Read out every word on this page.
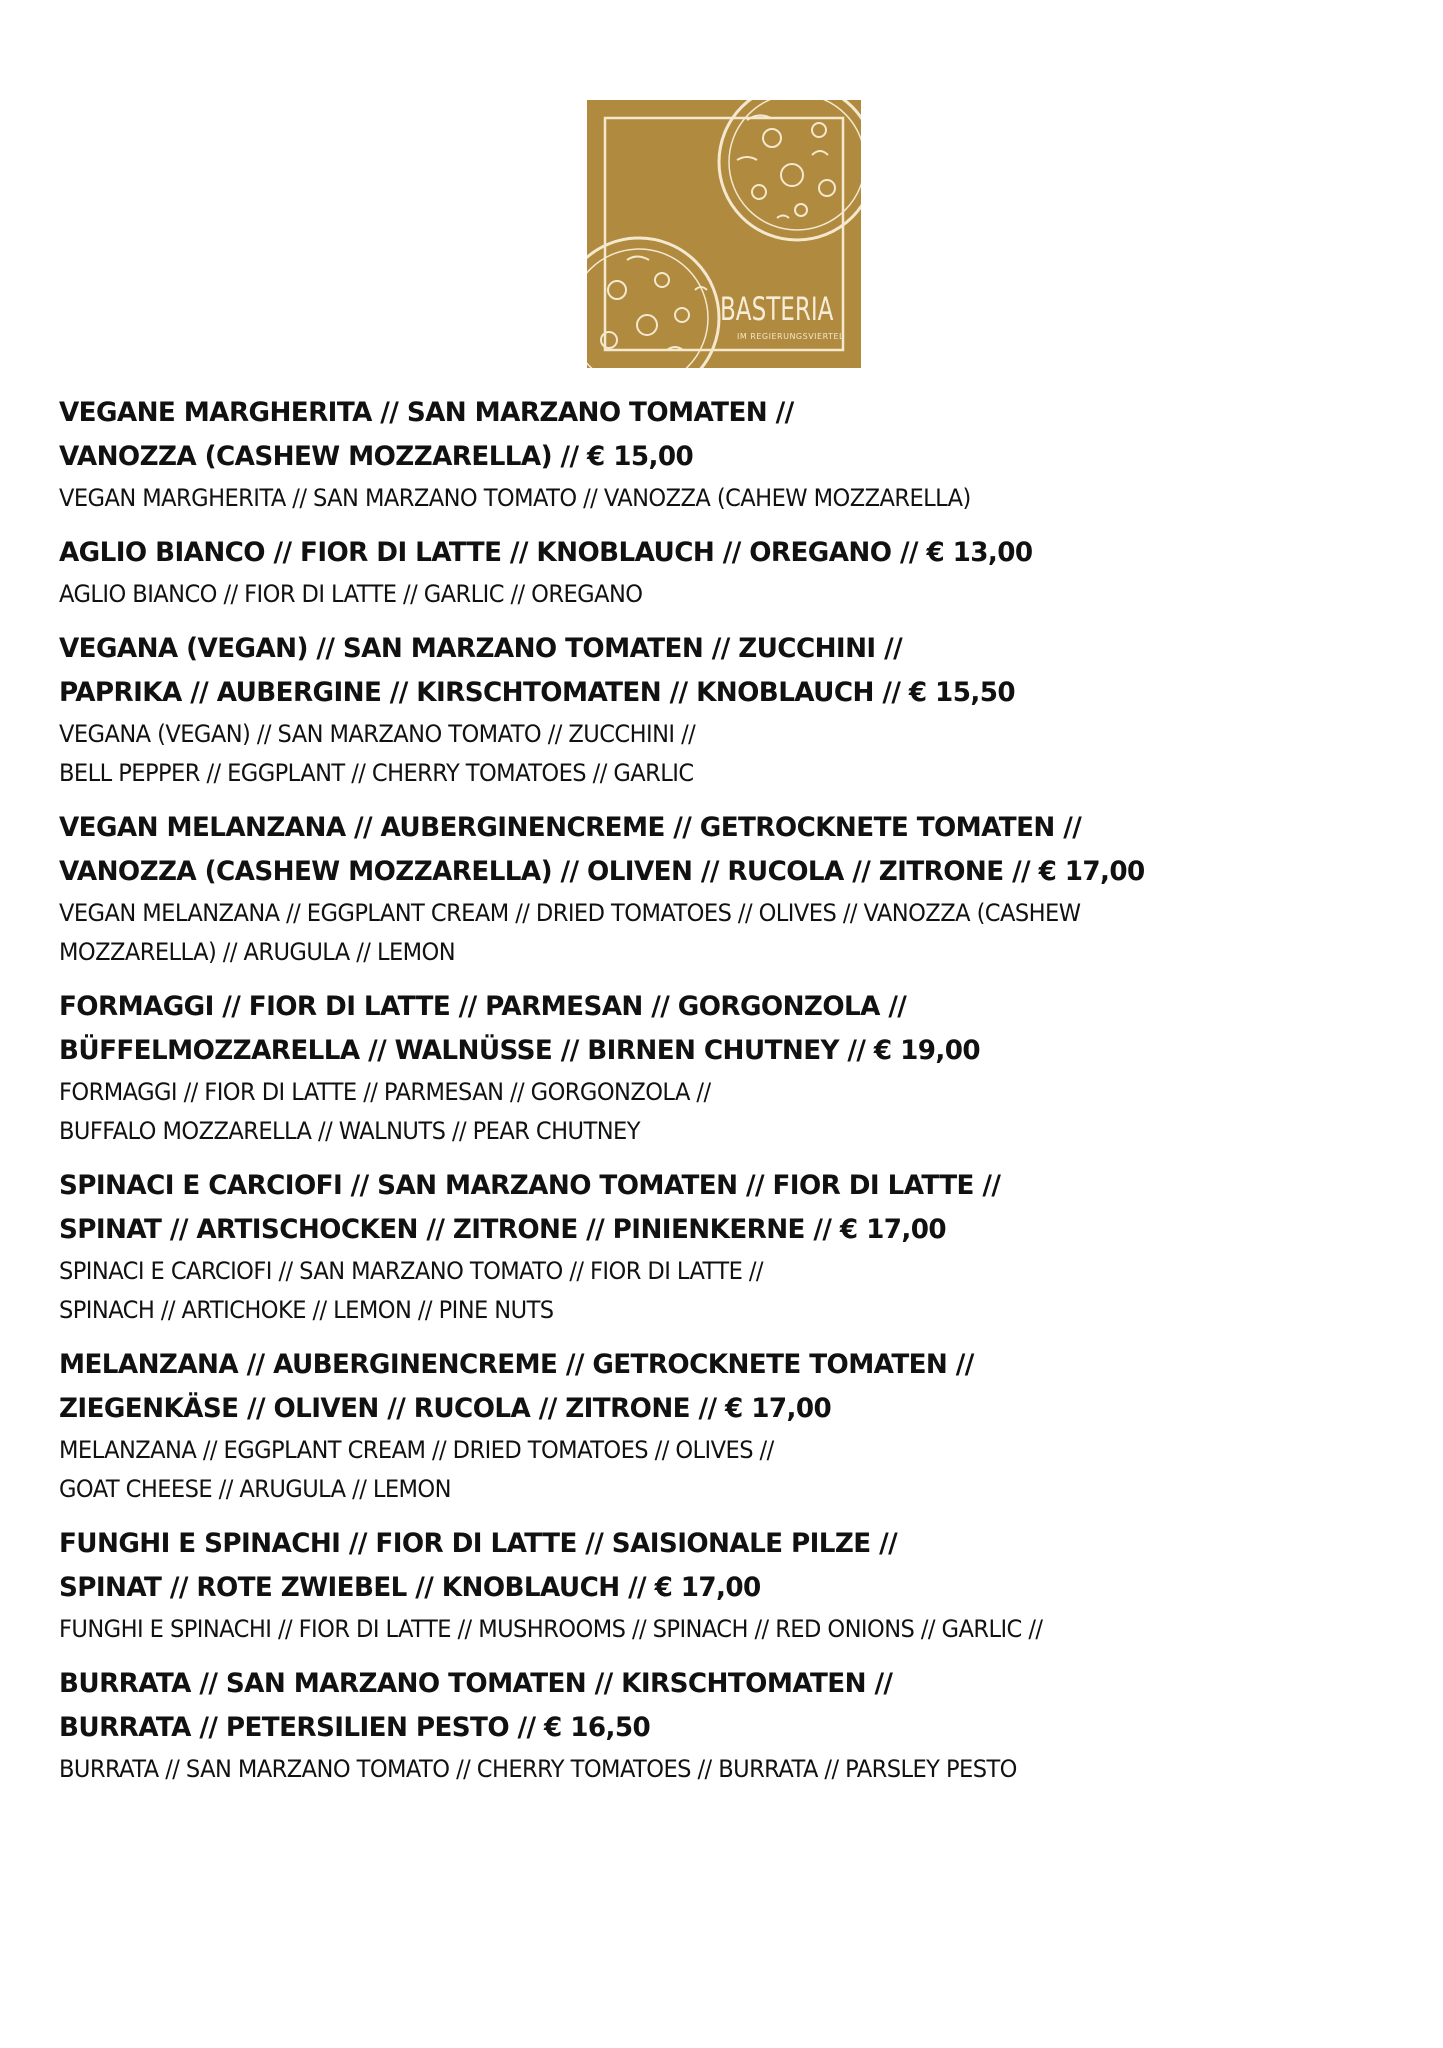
BASTERIA
IM REGIERUNGSVIERTEL
VEGANE MARGHERITA // SAN MARZANO TOMATEN //
VANOZZA (CASHEW MOZZARELLA) // € 15,00
VEGAN MARGHERITA // SAN MARZANO TOMATO // VANOZZA (CAHEW MOZZARELLA)
AGLIO BIANCO // FIOR DI LATTE // KNOBLAUCH // OREGANO // € 13,00
AGLIO BIANCO // FIOR DI LATTE // GARLIC // OREGANO
VEGANA (VEGAN) // SAN MARZANO TOMATEN // ZUCCHINI //
PAPRIKA // AUBERGINE // KIRSCHTOMATEN // KNOBLAUCH // € 15,50
VEGANA (VEGAN) // SAN MARZANO TOMATO // ZUCCHINI //
BELL PEPPER // EGGPLANT // CHERRY TOMATOES // GARLIC
VEGAN MELANZANA // AUBERGINENCREME // GETROCKNETE TOMATEN //
VANOZZA (CASHEW MOZZARELLA) // OLIVEN // RUCOLA // ZITRONE // € 17,00
VEGAN MELANZANA // EGGPLANT CREAM // DRIED TOMATOES // OLIVES // VANOZZA (CASHEW
MOZZARELLA) // ARUGULA // LEMON
FORMAGGI // FIOR DI LATTE // PARMESAN // GORGONZOLA //
BÜFFELMOZZARELLA // WALNÜSSE // BIRNEN CHUTNEY // € 19,00
FORMAGGI // FIOR DI LATTE // PARMESAN // GORGONZOLA //
BUFFALO MOZZARELLA // WALNUTS // PEAR CHUTNEY
SPINACI E CARCIOFI // SAN MARZANO TOMATEN // FIOR DI LATTE //
SPINAT // ARTISCHOCKEN // ZITRONE // PINIENKERNE // € 17,00
SPINACI E CARCIOFI // SAN MARZANO TOMATO // FIOR DI LATTE //
SPINACH // ARTICHOKE // LEMON // PINE NUTS
MELANZANA // AUBERGINENCREME // GETROCKNETE TOMATEN //
ZIEGENKÄSE // OLIVEN // RUCOLA // ZITRONE // € 17,00
MELANZANA // EGGPLANT CREAM // DRIED TOMATOES // OLIVES //
GOAT CHEESE // ARUGULA // LEMON
FUNGHI E SPINACHI // FIOR DI LATTE // SAISIONALE PILZE //
SPINAT // ROTE ZWIEBEL // KNOBLAUCH // € 17,00
FUNGHI E SPINACHI // FIOR DI LATTE // MUSHROOMS // SPINACH // RED ONIONS // GARLIC //
BURRATA // SAN MARZANO TOMATEN // KIRSCHTOMATEN //
BURRATA // PETERSILIEN PESTO // € 16,50
BURRATA // SAN MARZANO TOMATO // CHERRY TOMATOES // BURRATA // PARSLEY PESTO
